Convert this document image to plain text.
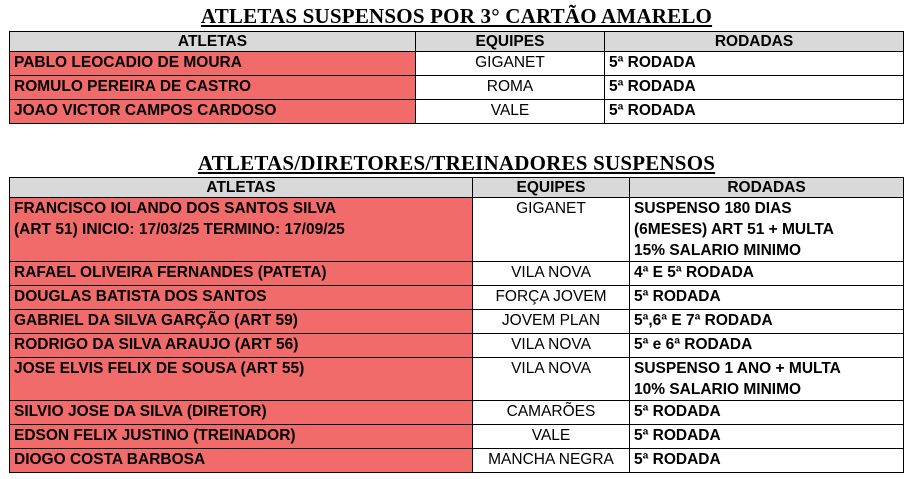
ATLETAS SUSPENSOS POR 3° CARTÃO AMARELO
ATLETAS	EQUIPES	RODADAS
PABLO LEOCADIO DE MOURA	GIGANET	5ª RODADA
ROMULO PEREIRA DE CASTRO	ROMA	5ª RODADA
JOAO VICTOR CAMPOS CARDOSO	VALE	5ª RODADA
ATLETAS/DIRETORES/TREINADORES SUSPENSOS
ATLETAS	EQUIPES	RODADAS
FRANCISCO IOLANDO DOS SANTOS SILVA
(ART 51) INICIO: 17/03/25 TERMINO: 17/09/25	GIGANET	SUSPENSO 180 DIAS
(6MESES) ART 51 + MULTA
15% SALARIO MINIMO
RAFAEL OLIVEIRA FERNANDES (PATETA)	VILA NOVA	4ª E 5ª RODADA
DOUGLAS BATISTA DOS SANTOS	FORÇA JOVEM	5ª RODADA
GABRIEL DA SILVA GARÇÃO (ART 59)	JOVEM PLAN	5ª,6ª E 7ª RODADA
RODRIGO DA SILVA ARAUJO (ART 56)	VILA NOVA	5ª e 6ª RODADA
JOSE ELVIS FELIX DE SOUSA (ART 55)	VILA NOVA	SUSPENSO 1 ANO + MULTA
10% SALARIO MINIMO
SILVIO JOSE DA SILVA (DIRETOR)	CAMARÕES	5ª RODADA
EDSON FELIX JUSTINO (TREINADOR)	VALE	5ª RODADA
DIOGO COSTA BARBOSA	MANCHA NEGRA	5ª RODADA
